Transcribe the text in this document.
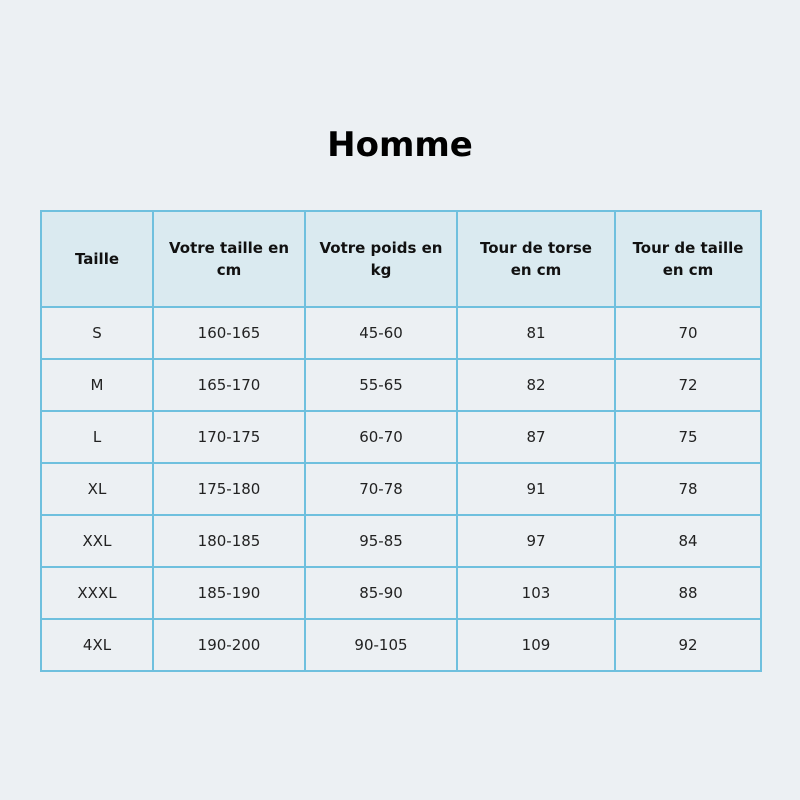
Homme
Taille	Votre taille en cm	Votre poids en kg	Tour de torse en cm	Tour de taille en cm
S	160-165	45-60	81	70
M	165-170	55-65	82	72
L	170-175	60-70	87	75
XL	175-180	70-78	91	78
XXL	180-185	95-85	97	84
XXXL	185-190	85-90	103	88
4XL	190-200	90-105	109	92
